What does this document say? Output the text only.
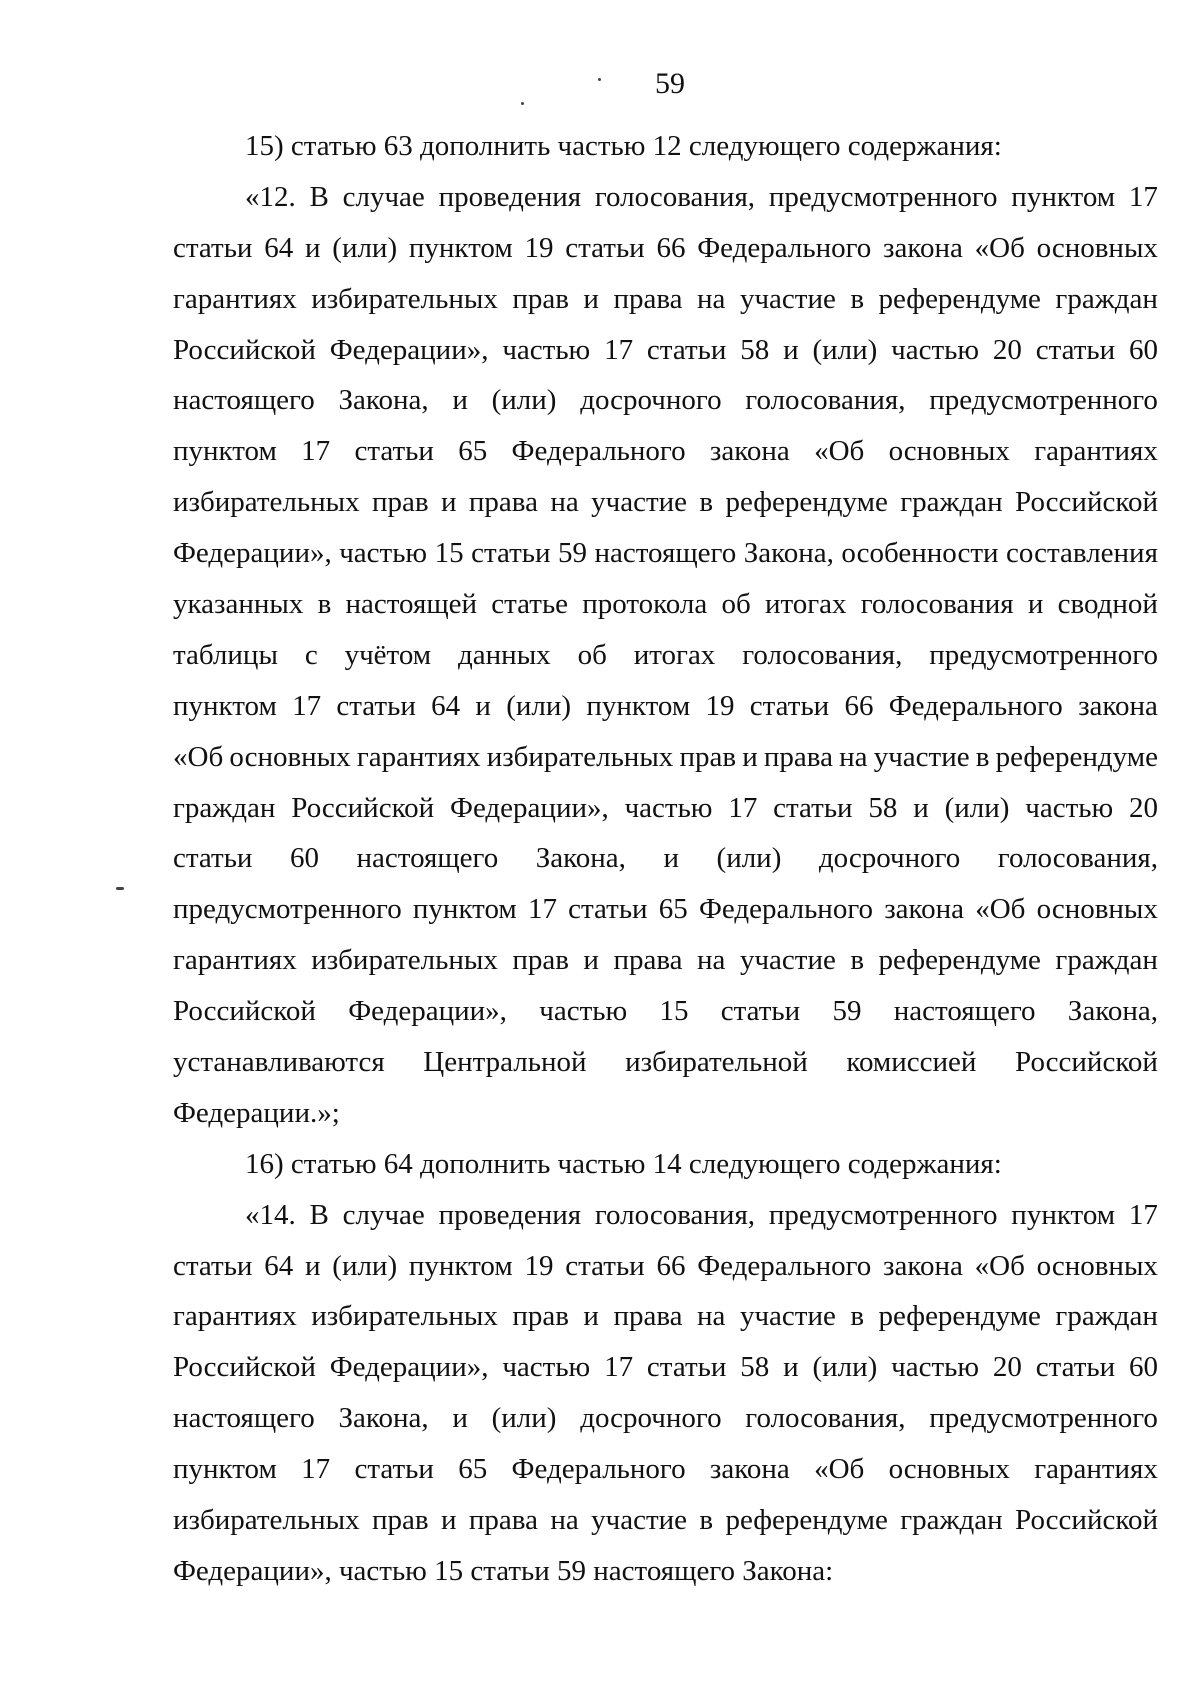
59
15) статью 63 дополнить частью 12 следующего содержания:
«12. В случае проведения голосования, предусмотренного пунктом 17
статьи 64 и (или) пунктом 19 статьи 66 Федерального закона «Об основных
гарантиях избирательных прав и права на участие в референдуме граждан
Российской Федерации», частью 17 статьи 58 и (или) частью 20 статьи 60
настоящего Закона, и (или) досрочного голосования, предусмотренного
пунктом 17 статьи 65 Федерального закона «Об основных гарантиях
избирательных прав и права на участие в референдуме граждан Российской
Федерации», частью 15 статьи 59 настоящего Закона, особенности составления
указанных в настоящей статье протокола об итогах голосования и сводной
таблицы с учётом данных об итогах голосования, предусмотренного
пунктом 17 статьи 64 и (или) пунктом 19 статьи 66 Федерального закона
«Об основных гарантиях избирательных прав и права на участие в референдуме
граждан Российской Федерации», частью 17 статьи 58 и (или) частью 20
статьи 60 настоящего Закона, и (или) досрочного голосования,
предусмотренного пунктом 17 статьи 65 Федерального закона «Об основных
гарантиях избирательных прав и права на участие в референдуме граждан
Российской Федерации», частью 15 статьи 59 настоящего Закона,
устанавливаются Центральной избирательной комиссией Российской
Федерации.»;
16) статью 64 дополнить частью 14 следующего содержания:
«14. В случае проведения голосования, предусмотренного пунктом 17
статьи 64 и (или) пунктом 19 статьи 66 Федерального закона «Об основных
гарантиях избирательных прав и права на участие в референдуме граждан
Российской Федерации», частью 17 статьи 58 и (или) частью 20 статьи 60
настоящего Закона, и (или) досрочного голосования, предусмотренного
пунктом 17 статьи 65 Федерального закона «Об основных гарантиях
избирательных прав и права на участие в референдуме граждан Российской
Федерации», частью 15 статьи 59 настоящего Закона:
